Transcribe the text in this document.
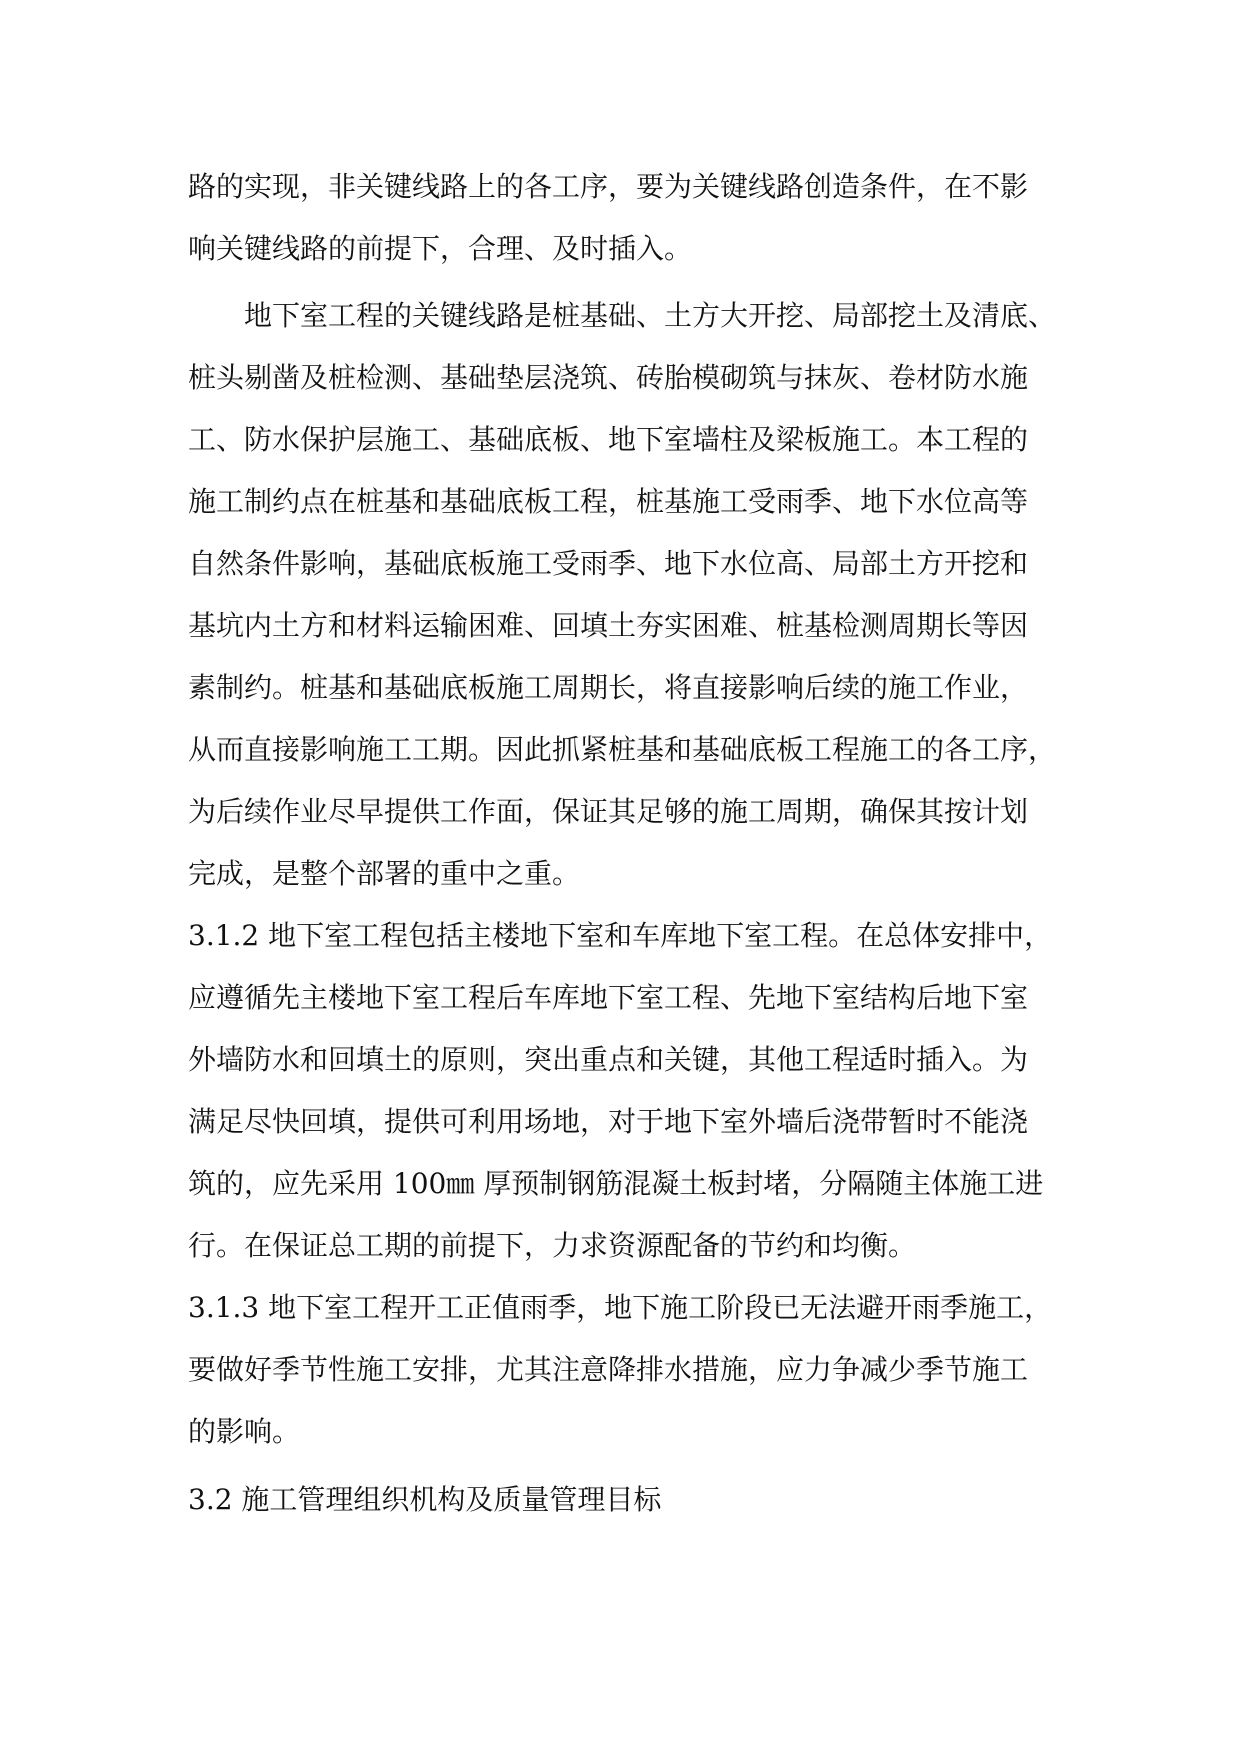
路的实现，非关键线路上的各工序，要为关键线路创造条件，在不影
响关键线路的前提下，合理、及时插入。
地下室工程的关键线路是桩基础、土方大开挖、局部挖土及清底、
桩头剔凿及桩检测、基础垫层浇筑、砖胎模砌筑与抹灰、卷材防水施
工、防水保护层施工、基础底板、地下室墙柱及梁板施工。本工程的
施工制约点在桩基和基础底板工程，桩基施工受雨季、地下水位高等
自然条件影响，基础底板施工受雨季、地下水位高、局部土方开挖和
基坑内土方和材料运输困难、回填土夯实困难、桩基检测周期长等因
素制约。桩基和基础底板施工周期长，将直接影响后续的施工作业，
从而直接影响施工工期。因此抓紧桩基和基础底板工程施工的各工序，
为后续作业尽早提供工作面，保证其足够的施工周期，确保其按计划
完成，是整个部署的重中之重。
3.1.2 地下室工程包括主楼地下室和车库地下室工程。在总体安排中，
应遵循先主楼地下室工程后车库地下室工程、先地下室结构后地下室
外墙防水和回填土的原则，突出重点和关键，其他工程适时插入。为
满足尽快回填，提供可利用场地，对于地下室外墙后浇带暂时不能浇
筑的，应先采用 100㎜ 厚预制钢筋混凝土板封堵，分隔随主体施工进
行。在保证总工期的前提下，力求资源配备的节约和均衡。
3.1.3 地下室工程开工正值雨季，地下施工阶段已无法避开雨季施工，
要做好季节性施工安排，尤其注意降排水措施，应力争减少季节施工
的影响。
3.2 施工管理组织机构及质量管理目标
